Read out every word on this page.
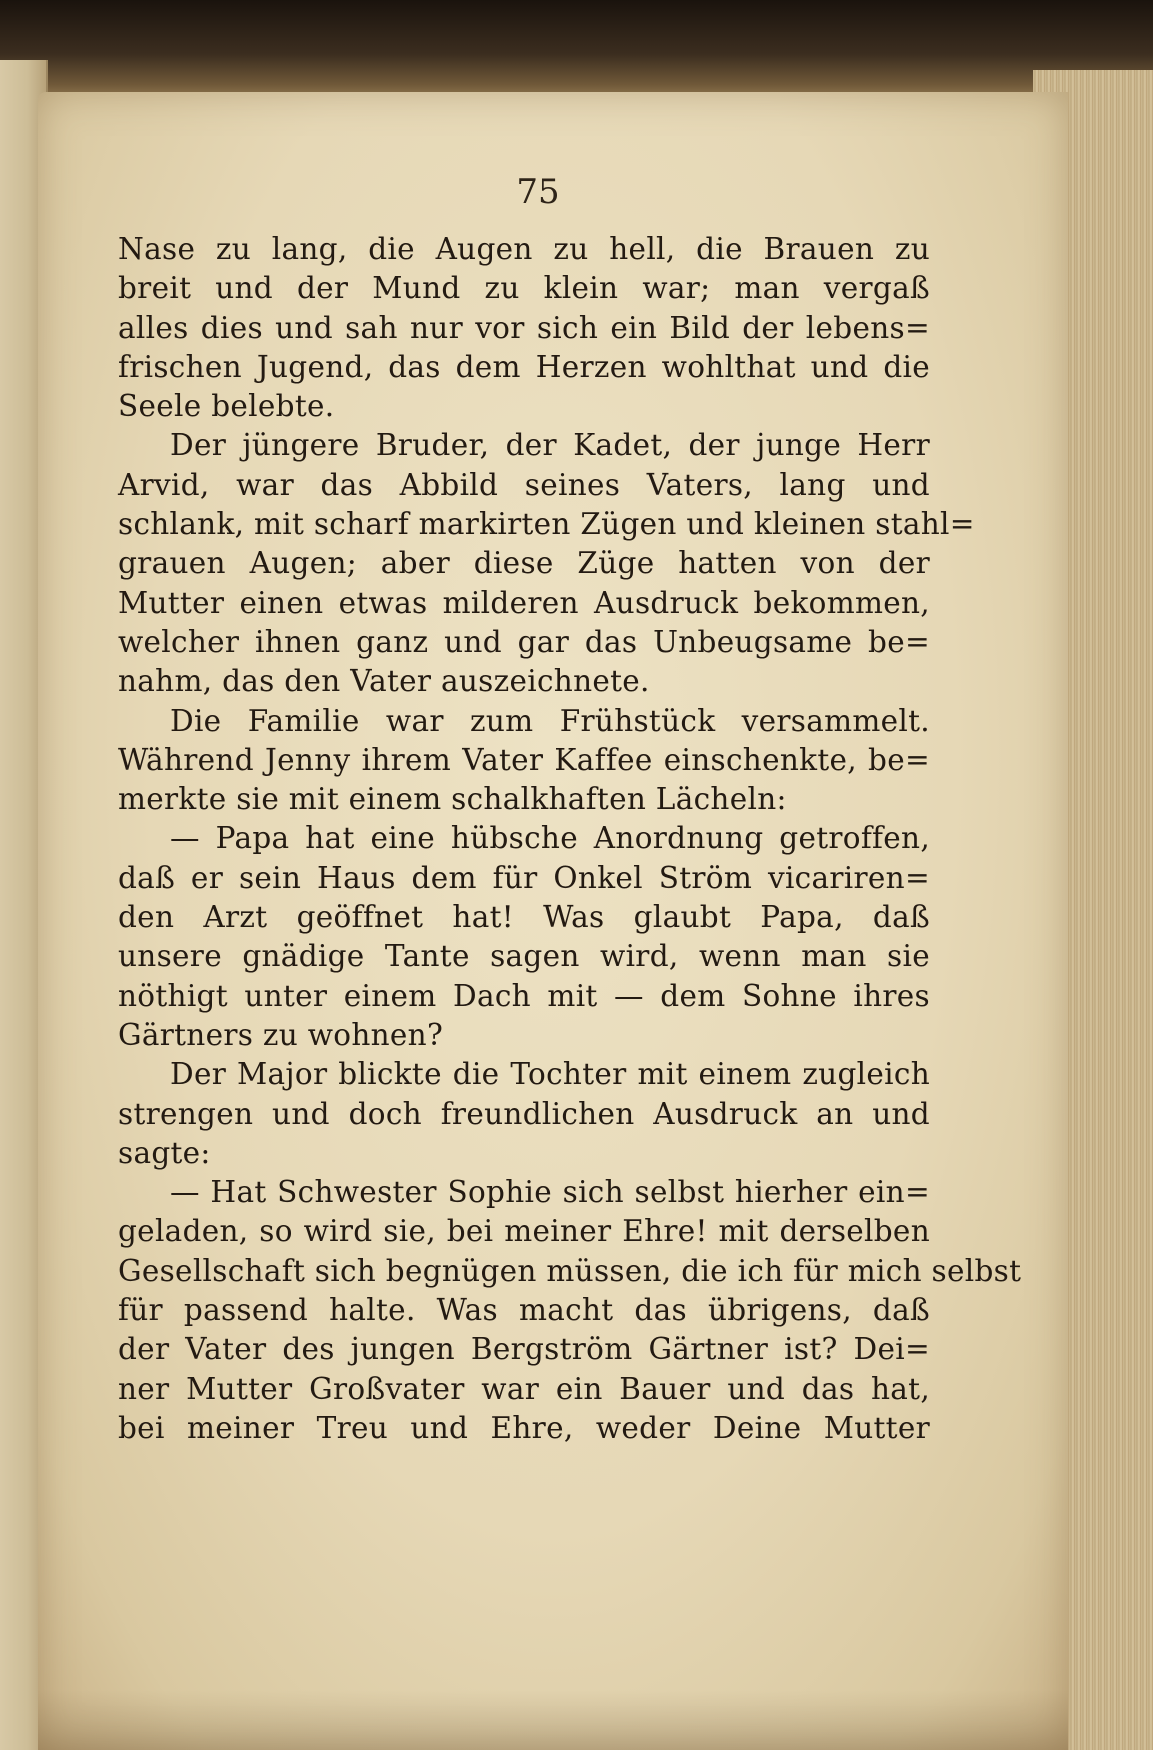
75
Nase zu lang, die Augen zu hell, die Brauen zu
breit und der Mund zu klein war; man vergaß
alles dies und sah nur vor sich ein Bild der lebens=
frischen Jugend, das dem Herzen wohlthat und die
Seele belebte.
Der jüngere Bruder, der Kadet, der junge Herr
Arvid, war das Abbild seines Vaters, lang und
schlank, mit scharf markirten Zügen und kleinen stahl=
grauen Augen; aber diese Züge hatten von der
Mutter einen etwas milderen Ausdruck bekommen,
welcher ihnen ganz und gar das Unbeugsame be=
nahm, das den Vater auszeichnete.
Die Familie war zum Frühstück versammelt.
Während Jenny ihrem Vater Kaffee einschenkte, be=
merkte sie mit einem schalkhaften Lächeln:
— Papa hat eine hübsche Anordnung getroffen,
daß er sein Haus dem für Onkel Ström vicariren=
den Arzt geöffnet hat! Was glaubt Papa, daß
unsere gnädige Tante sagen wird, wenn man sie
nöthigt unter einem Dach mit — dem Sohne ihres
Gärtners zu wohnen?
Der Major blickte die Tochter mit einem zugleich
strengen und doch freundlichen Ausdruck an und
sagte:
— Hat Schwester Sophie sich selbst hierher ein=
geladen, so wird sie, bei meiner Ehre! mit derselben
Gesellschaft sich begnügen müssen, die ich für mich selbst
für passend halte. Was macht das übrigens, daß
der Vater des jungen Bergström Gärtner ist? Dei=
ner Mutter Großvater war ein Bauer und das hat,
bei meiner Treu und Ehre, weder Deine Mutter
